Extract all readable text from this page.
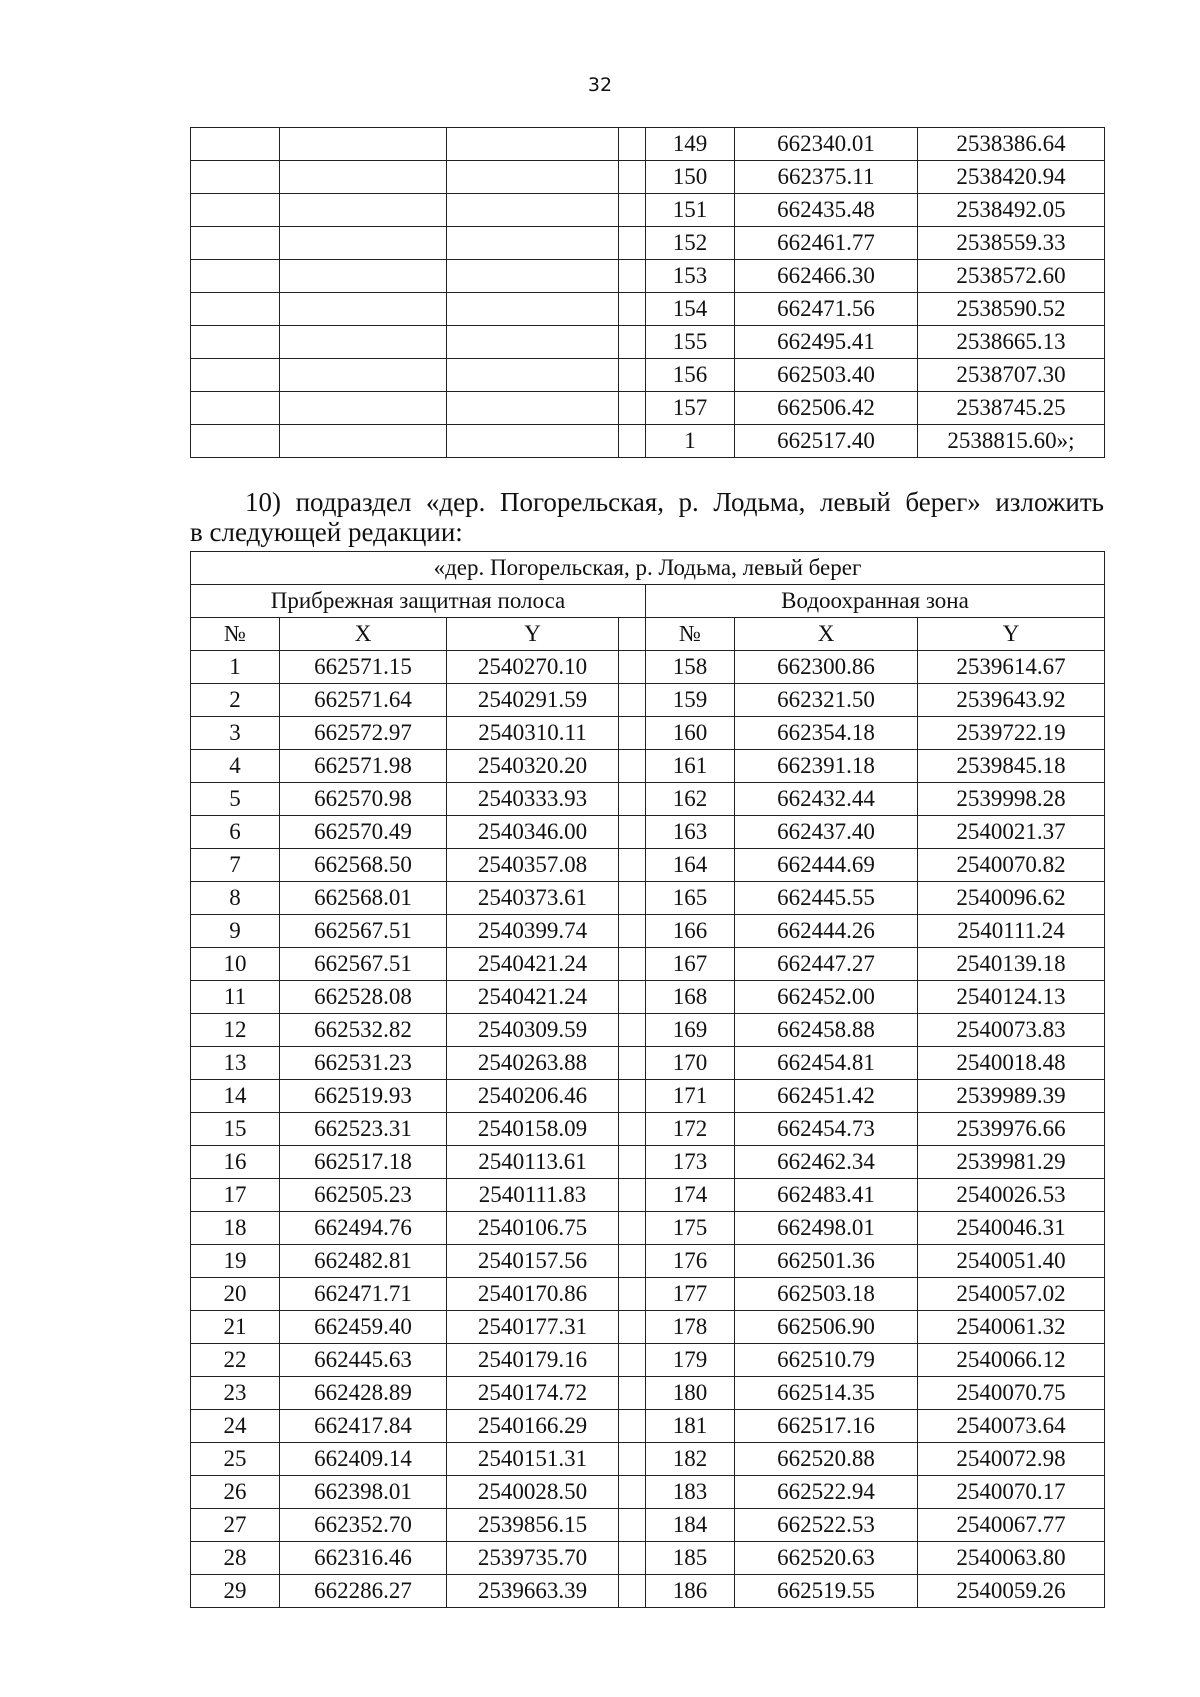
32
				149	662340.01	2538386.64
				150	662375.11	2538420.94
				151	662435.48	2538492.05
				152	662461.77	2538559.33
				153	662466.30	2538572.60
				154	662471.56	2538590.52
				155	662495.41	2538665.13
				156	662503.40	2538707.30
				157	662506.42	2538745.25
				1	662517.40	2538815.60»;
10) подраздел «дер. Погорельская, р. Лодьма, левый берег» изложить
в следующей редакции:
«дер. Погорельская, р. Лодьма, левый берег						
Прибрежная защитная полоса				Водоохранная зона		
№	X	Y		№	X	Y
1	662571.15	2540270.10		158	662300.86	2539614.67
2	662571.64	2540291.59		159	662321.50	2539643.92
3	662572.97	2540310.11		160	662354.18	2539722.19
4	662571.98	2540320.20		161	662391.18	2539845.18
5	662570.98	2540333.93		162	662432.44	2539998.28
6	662570.49	2540346.00		163	662437.40	2540021.37
7	662568.50	2540357.08		164	662444.69	2540070.82
8	662568.01	2540373.61		165	662445.55	2540096.62
9	662567.51	2540399.74		166	662444.26	2540111.24
10	662567.51	2540421.24		167	662447.27	2540139.18
11	662528.08	2540421.24		168	662452.00	2540124.13
12	662532.82	2540309.59		169	662458.88	2540073.83
13	662531.23	2540263.88		170	662454.81	2540018.48
14	662519.93	2540206.46		171	662451.42	2539989.39
15	662523.31	2540158.09		172	662454.73	2539976.66
16	662517.18	2540113.61		173	662462.34	2539981.29
17	662505.23	2540111.83		174	662483.41	2540026.53
18	662494.76	2540106.75		175	662498.01	2540046.31
19	662482.81	2540157.56		176	662501.36	2540051.40
20	662471.71	2540170.86		177	662503.18	2540057.02
21	662459.40	2540177.31		178	662506.90	2540061.32
22	662445.63	2540179.16		179	662510.79	2540066.12
23	662428.89	2540174.72		180	662514.35	2540070.75
24	662417.84	2540166.29		181	662517.16	2540073.64
25	662409.14	2540151.31		182	662520.88	2540072.98
26	662398.01	2540028.50		183	662522.94	2540070.17
27	662352.70	2539856.15		184	662522.53	2540067.77
28	662316.46	2539735.70		185	662520.63	2540063.80
29	662286.27	2539663.39		186	662519.55	2540059.26
